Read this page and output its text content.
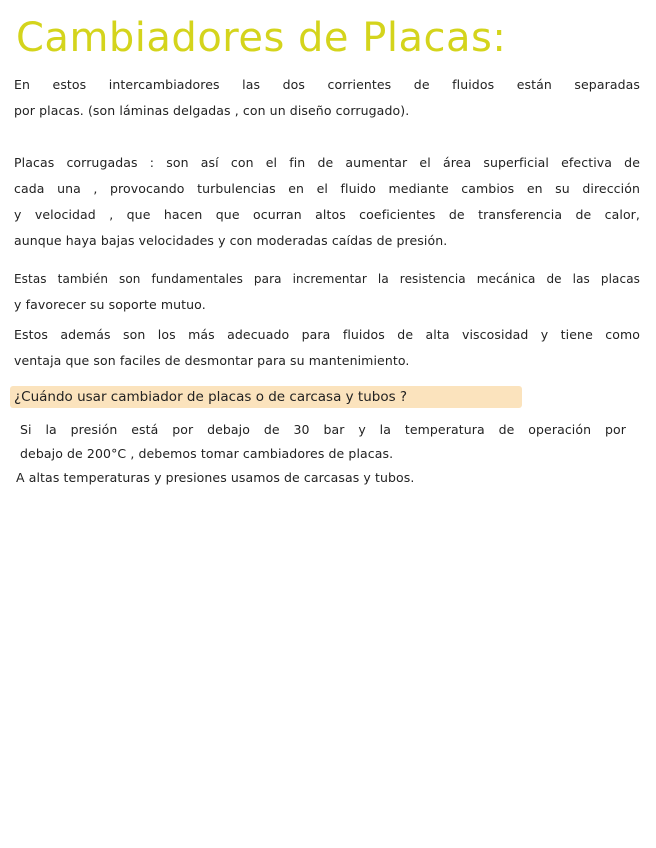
Cambiadores de Placas:
En estos intercambiadores las dos corrientes de fluidos están separadas
por placas. (son láminas delgadas , con un diseño corrugado).
Placas corrugadas : son así con el fin de aumentar el área superficial efectiva de
cada una , provocando turbulencias en el fluido mediante cambios en su dirección
y velocidad , que hacen que ocurran altos coeficientes de transferencia de calor,
aunque haya bajas velocidades y con moderadas caídas de presión.
Estas también son fundamentales para incrementar la resistencia mecánica de las placas
y favorecer su soporte mutuo.
Estos además son los más adecuado para fluidos de alta viscosidad y tiene como
ventaja que son faciles de desmontar para su mantenimiento.
¿Cuándo usar cambiador de placas o de carcasa y tubos ?
Si la presión está por debajo de 30 bar y la temperatura de operación por
debajo de 200°C , debemos tomar cambiadores de placas.
A altas temperaturas y presiones usamos de carcasas y tubos.
